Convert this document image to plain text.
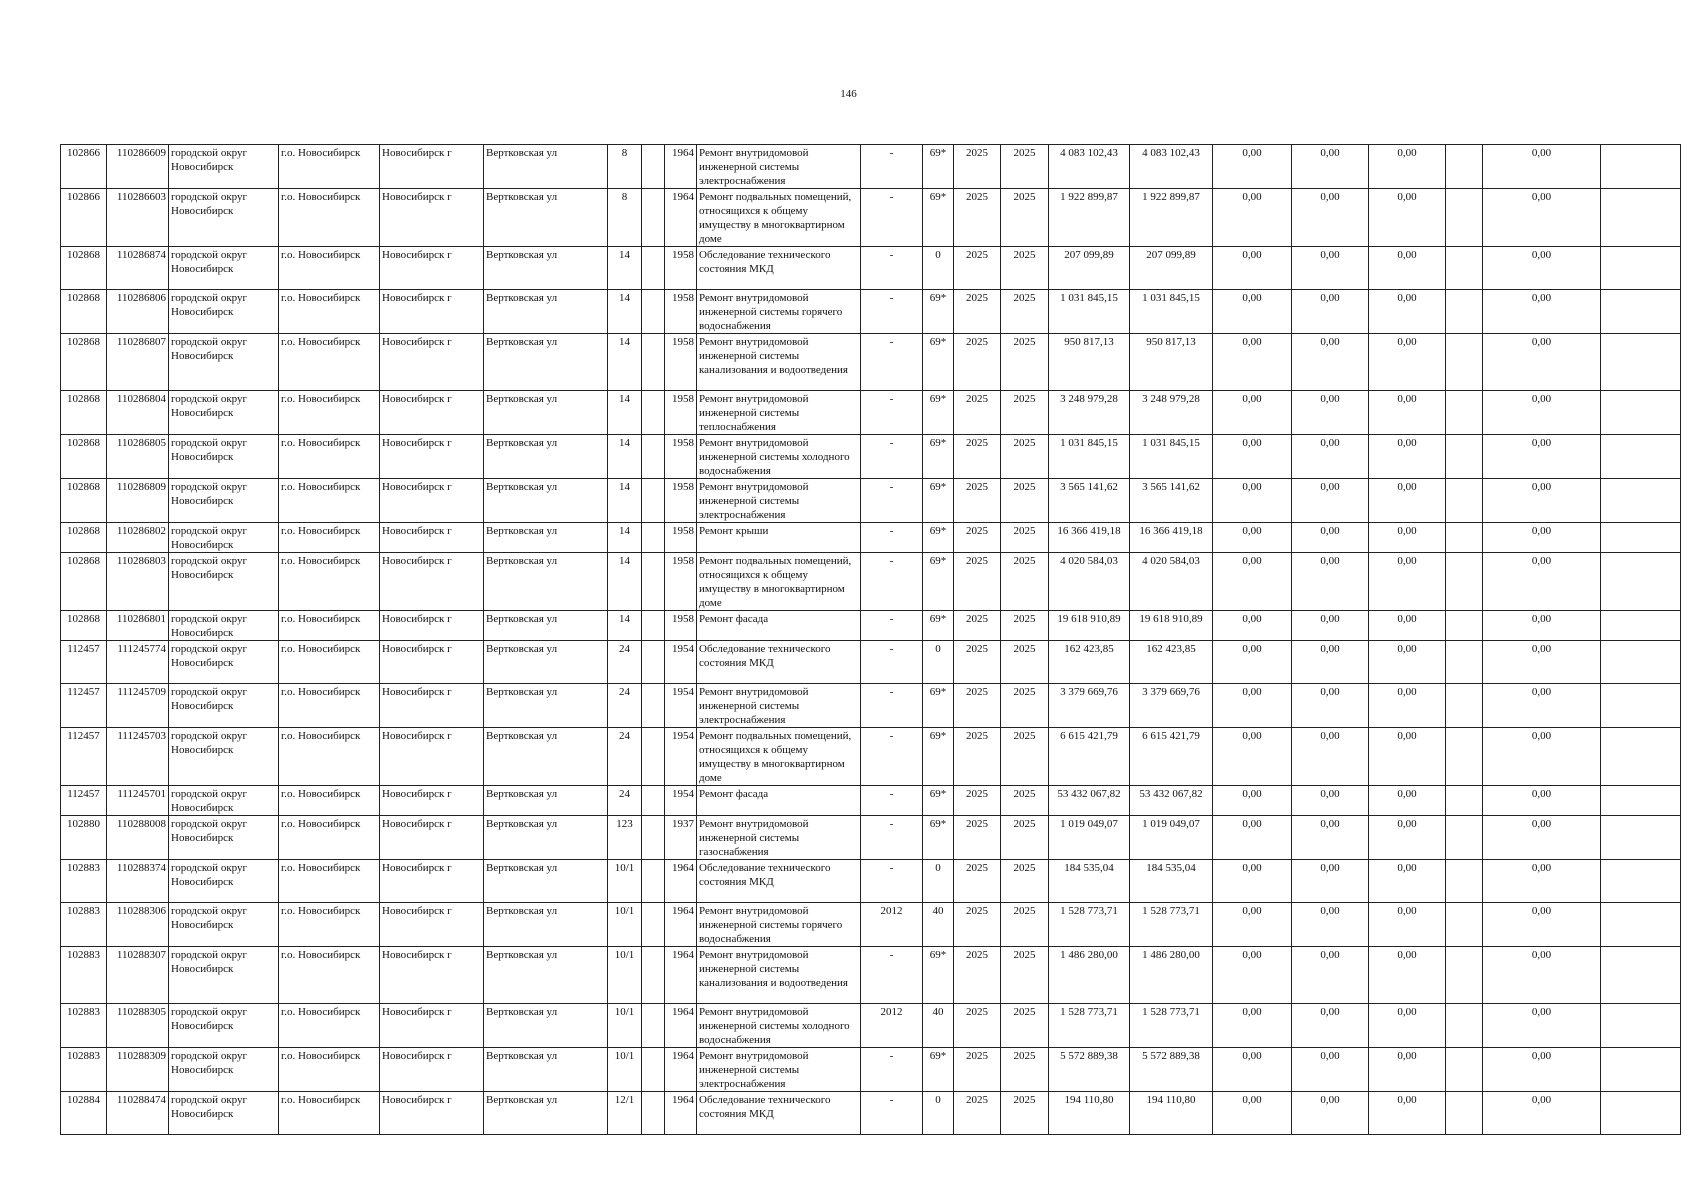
146
102866	110286609	городской округ Новосибирск	г.о. Новосибирск	Новосибирск г	Вертковская ул	8		1964	Ремонт внутридомовой инженерной системы электроснабжения	-	69*	2025	2025	4 083 102,43	4 083 102,43	0,00	0,00	0,00		0,00	
102866	110286603	городской округ Новосибирск	г.о. Новосибирск	Новосибирск г	Вертковская ул	8		1964	Ремонт подвальных помещений, относящихся к общему имуществу в многоквартирном доме	-	69*	2025	2025	1 922 899,87	1 922 899,87	0,00	0,00	0,00		0,00	
102868	110286874	городской округ Новосибирск	г.о. Новосибирск	Новосибирск г	Вертковская ул	14		1958	Обследование технического состояния МКД	-	0	2025	2025	207 099,89	207 099,89	0,00	0,00	0,00		0,00	
102868	110286806	городской округ Новосибирск	г.о. Новосибирск	Новосибирск г	Вертковская ул	14		1958	Ремонт внутридомовой инженерной системы горячего водоснабжения	-	69*	2025	2025	1 031 845,15	1 031 845,15	0,00	0,00	0,00		0,00	
102868	110286807	городской округ Новосибирск	г.о. Новосибирск	Новосибирск г	Вертковская ул	14		1958	Ремонт внутридомовой инженерной системы канализования и водоотведения	-	69*	2025	2025	950 817,13	950 817,13	0,00	0,00	0,00		0,00	
102868	110286804	городской округ Новосибирск	г.о. Новосибирск	Новосибирск г	Вертковская ул	14		1958	Ремонт внутридомовой инженерной системы теплоснабжения	-	69*	2025	2025	3 248 979,28	3 248 979,28	0,00	0,00	0,00		0,00	
102868	110286805	городской округ Новосибирск	г.о. Новосибирск	Новосибирск г	Вертковская ул	14		1958	Ремонт внутридомовой инженерной системы холодного водоснабжения	-	69*	2025	2025	1 031 845,15	1 031 845,15	0,00	0,00	0,00		0,00	
102868	110286809	городской округ Новосибирск	г.о. Новосибирск	Новосибирск г	Вертковская ул	14		1958	Ремонт внутридомовой инженерной системы электроснабжения	-	69*	2025	2025	3 565 141,62	3 565 141,62	0,00	0,00	0,00		0,00	
102868	110286802	городской округ Новосибирск	г.о. Новосибирск	Новосибирск г	Вертковская ул	14		1958	Ремонт крыши	-	69*	2025	2025	16 366 419,18	16 366 419,18	0,00	0,00	0,00		0,00	
102868	110286803	городской округ Новосибирск	г.о. Новосибирск	Новосибирск г	Вертковская ул	14		1958	Ремонт подвальных помещений, относящихся к общему имуществу в многоквартирном доме	-	69*	2025	2025	4 020 584,03	4 020 584,03	0,00	0,00	0,00		0,00	
102868	110286801	городской округ Новосибирск	г.о. Новосибирск	Новосибирск г	Вертковская ул	14		1958	Ремонт фасада	-	69*	2025	2025	19 618 910,89	19 618 910,89	0,00	0,00	0,00		0,00	
112457	111245774	городской округ Новосибирск	г.о. Новосибирск	Новосибирск г	Вертковская ул	24		1954	Обследование технического состояния МКД	-	0	2025	2025	162 423,85	162 423,85	0,00	0,00	0,00		0,00	
112457	111245709	городской округ Новосибирск	г.о. Новосибирск	Новосибирск г	Вертковская ул	24		1954	Ремонт внутридомовой инженерной системы электроснабжения	-	69*	2025	2025	3 379 669,76	3 379 669,76	0,00	0,00	0,00		0,00	
112457	111245703	городской округ Новосибирск	г.о. Новосибирск	Новосибирск г	Вертковская ул	24		1954	Ремонт подвальных помещений, относящихся к общему имуществу в многоквартирном доме	-	69*	2025	2025	6 615 421,79	6 615 421,79	0,00	0,00	0,00		0,00	
112457	111245701	городской округ Новосибирск	г.о. Новосибирск	Новосибирск г	Вертковская ул	24		1954	Ремонт фасада	-	69*	2025	2025	53 432 067,82	53 432 067,82	0,00	0,00	0,00		0,00	
102880	110288008	городской округ Новосибирск	г.о. Новосибирск	Новосибирск г	Вертковская ул	123		1937	Ремонт внутридомовой инженерной системы газоснабжения	-	69*	2025	2025	1 019 049,07	1 019 049,07	0,00	0,00	0,00		0,00	
102883	110288374	городской округ Новосибирск	г.о. Новосибирск	Новосибирск г	Вертковская ул	10/1		1964	Обследование технического состояния МКД	-	0	2025	2025	184 535,04	184 535,04	0,00	0,00	0,00		0,00	
102883	110288306	городской округ Новосибирск	г.о. Новосибирск	Новосибирск г	Вертковская ул	10/1		1964	Ремонт внутридомовой инженерной системы горячего водоснабжения	2012	40	2025	2025	1 528 773,71	1 528 773,71	0,00	0,00	0,00		0,00	
102883	110288307	городской округ Новосибирск	г.о. Новосибирск	Новосибирск г	Вертковская ул	10/1		1964	Ремонт внутридомовой инженерной системы канализования и водоотведения	-	69*	2025	2025	1 486 280,00	1 486 280,00	0,00	0,00	0,00		0,00	
102883	110288305	городской округ Новосибирск	г.о. Новосибирск	Новосибирск г	Вертковская ул	10/1		1964	Ремонт внутридомовой инженерной системы холодного водоснабжения	2012	40	2025	2025	1 528 773,71	1 528 773,71	0,00	0,00	0,00		0,00	
102883	110288309	городской округ Новосибирск	г.о. Новосибирск	Новосибирск г	Вертковская ул	10/1		1964	Ремонт внутридомовой инженерной системы электроснабжения	-	69*	2025	2025	5 572 889,38	5 572 889,38	0,00	0,00	0,00		0,00	
102884	110288474	городской округ Новосибирск	г.о. Новосибирск	Новосибирск г	Вертковская ул	12/1		1964	Обследование технического состояния МКД	-	0	2025	2025	194 110,80	194 110,80	0,00	0,00	0,00		0,00	
